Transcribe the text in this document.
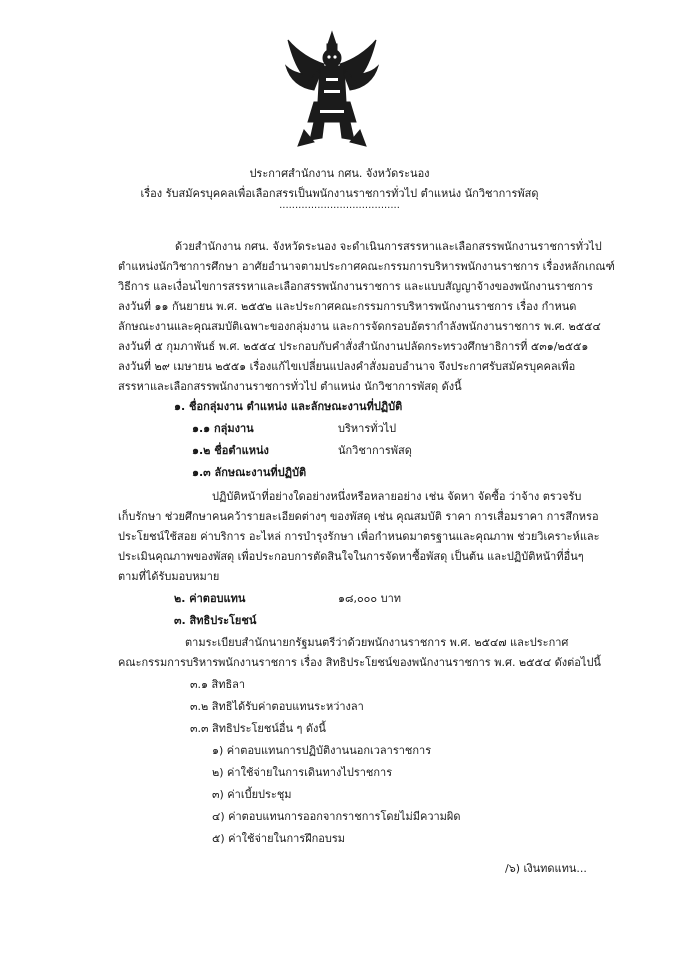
ประกาศสำนักงาน กศน. จังหวัดระนอง
เรื่อง รับสมัครบุคคลเพื่อเลือกสรรเป็นพนักงานราชการทั่วไป ตำแหน่ง นักวิชาการพัสดุ
......................................
ด้วยสำนักงาน กศน. จังหวัดระนอง จะดำเนินการสรรหาและเลือกสรรพนักงานราชการทั่วไป
ตำแหน่งนักวิชาการศึกษา อาศัยอำนาจตามประกาศคณะกรรมการบริหารพนักงานราชการ เรื่องหลักเกณฑ์
วิธีการ และเงื่อนไขการสรรหาและเลือกสรรพนักงานราชการ และแบบสัญญาจ้างของพนักงานราชการ
ลงวันที่ ๑๑ กันยายน พ.ศ. ๒๕๕๒ และประกาศคณะกรรมการบริหารพนักงานราชการ เรื่อง กำหนด
ลักษณะงานและคุณสมบัติเฉพาะของกลุ่มงาน และการจัดกรอบอัตรากำลังพนักงานราชการ พ.ศ. ๒๕๕๔
ลงวันที่ ๕ กุมภาพันธ์ พ.ศ. ๒๕๕๔ ประกอบกับคำสั่งสำนักงานปลัดกระทรวงศึกษาธิการที่ ๕๓๑/๒๕๕๑
ลงวันที่ ๒๙ เมษายน ๒๕๕๑ เรื่องแก้ไขเปลี่ยนแปลงคำสั่งมอบอำนาจ จึงประกาศรับสมัครบุคคลเพื่อ
สรรหาและเลือกสรรพนักงานราชการทั่วไป ตำแหน่ง นักวิชาการพัสดุ ดังนี้
๑. ชื่อกลุ่มงาน ตำแหน่ง และลักษณะงานที่ปฏิบัติ
๑.๑ กลุ่มงาน	บริหารทั่วไป
๑.๒ ชื่อตำแหน่ง	นักวิชาการพัสดุ
๑.๓ ลักษณะงานที่ปฏิบัติ
ปฏิบัติหน้าที่อย่างใดอย่างหนึ่งหรือหลายอย่าง เช่น จัดหา จัดซื้อ ว่าจ้าง ตรวจรับ
เก็บรักษา ช่วยศึกษาคนคว้ารายละเอียดต่างๆ ของพัสดุ เช่น คุณสมบัติ ราคา การเสื่อมราคา การสึกหรอ
ประโยชน์ใช้สอย ค่าบริการ อะไหล่ การบำรุงรักษา เพื่อกำหนดมาตรฐานและคุณภาพ ช่วยวิเคราะห์และ
ประเมินคุณภาพของพัสดุ เพื่อประกอบการตัดสินใจในการจัดหาซื้อพัสดุ เป็นต้น และปฏิบัติหน้าที่อื่นๆ
ตามที่ได้รับมอบหมาย
๒. ค่าตอบแทน	๑๘,๐๐๐ บาท
๓. สิทธิประโยชน์
ตามระเบียบสำนักนายกรัฐมนตรีว่าด้วยพนักงานราชการ พ.ศ. ๒๕๔๗ และประกาศ
คณะกรรมการบริหารพนักงานราชการ เรื่อง สิทธิประโยชน์ของพนักงานราชการ พ.ศ. ๒๕๕๔ ดังต่อไปนี้
๓.๑ สิทธิลา
๓.๒ สิทธิได้รับค่าตอบแทนระหว่างลา
๓.๓ สิทธิประโยชน์อื่น ๆ ดังนี้
๑) ค่าตอบแทนการปฏิบัติงานนอกเวลาราชการ
๒) ค่าใช้จ่ายในการเดินทางไปราชการ
๓) ค่าเบี้ยประชุม
๔) ค่าตอบแทนการออกจากราชการโดยไม่มีความผิด
๕) ค่าใช้จ่ายในการฝึกอบรม
/๖) เงินทดแทน...
